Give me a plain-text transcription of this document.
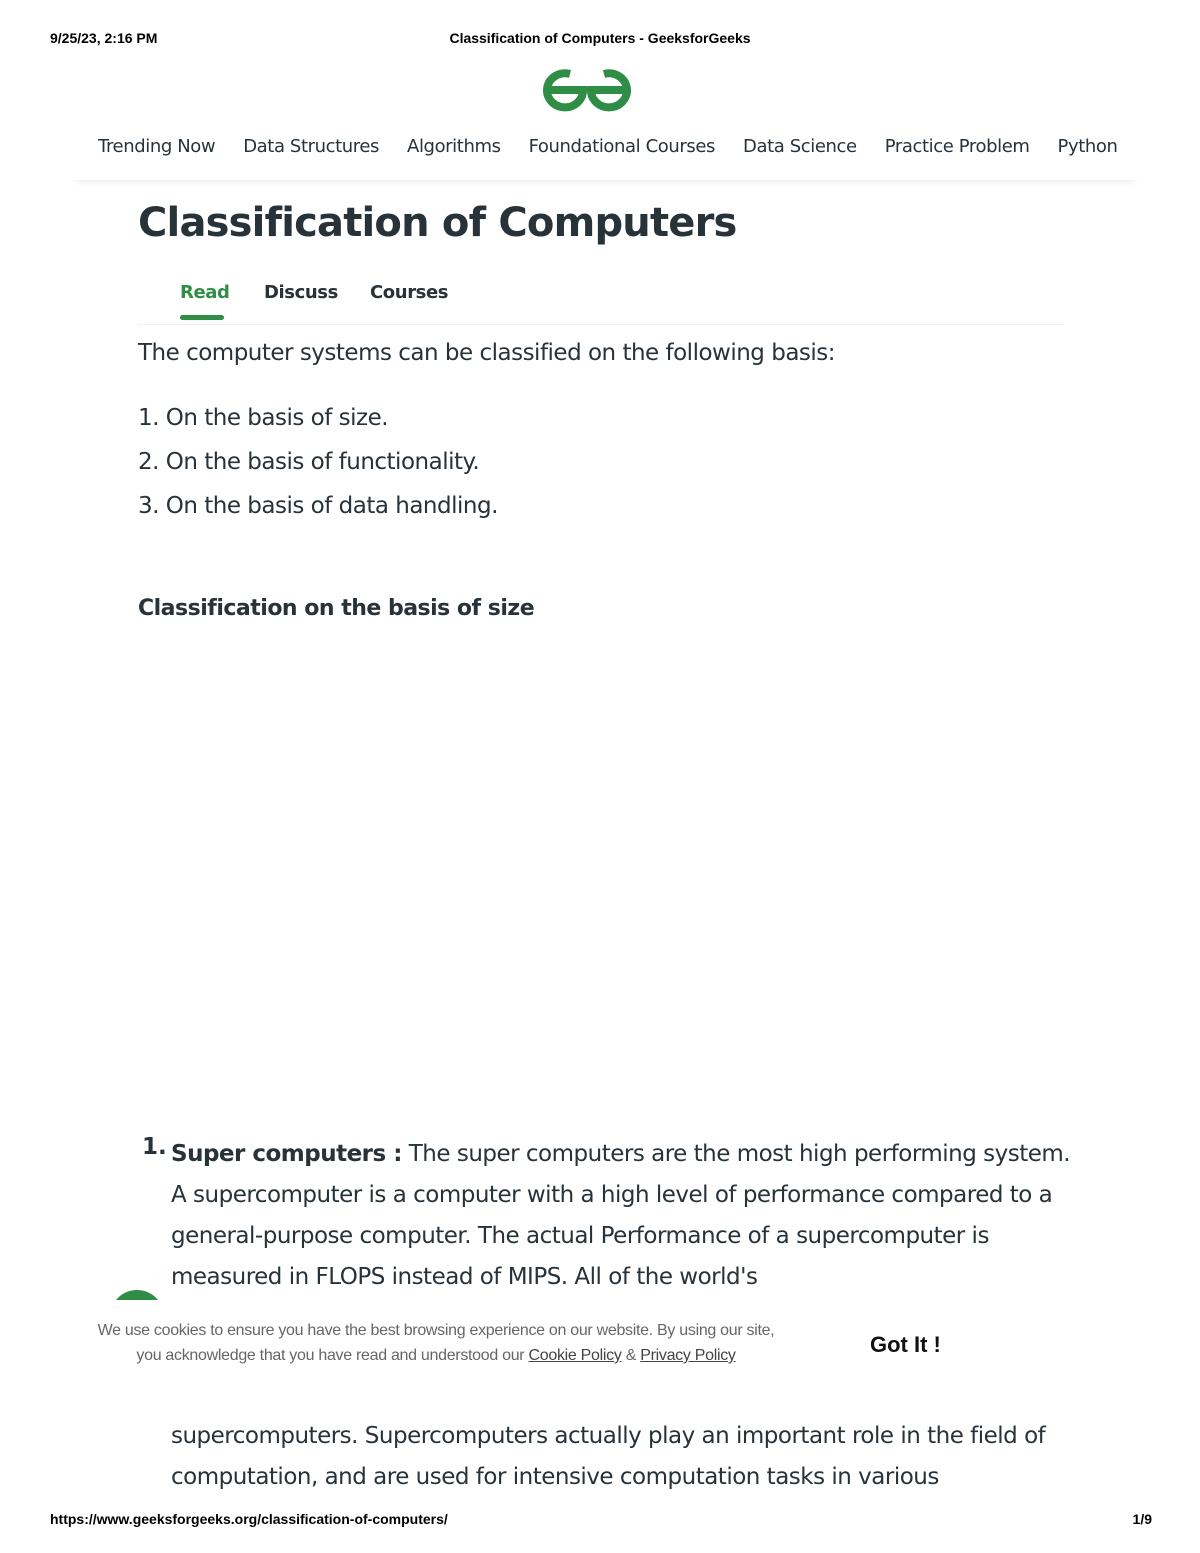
9/25/23, 2:16 PM	Classification of Computers - GeeksforGeeks
Trending Now Data Structures Algorithms Foundational Courses Data Science Practice Problem Python
Classification of Computers
Read Discuss Courses

The computer systems can be classified on the following basis:

1. On the basis of size.
2. On the basis of functionality.
3. On the basis of data handling.
Classification on the basis of size
1. Super computers : The super computers are the most high performing system. A supercomputer is a computer with a high level of performance compared to a general-purpose computer. The actual Performance of a supercomputer is measured in FLOPS instead of MIPS. All of the world's

We use cookies to ensure you have the best browsing experience on our website. By using our site, you acknowledge that you have read and understood our Cookie Policy & Privacy Policy	Got It !

supercomputers. Supercomputers actually play an important role in the field of computation, and are used for intensive computation tasks in various

https://www.geeksforgeeks.org/classification-of-computers/	1/9
